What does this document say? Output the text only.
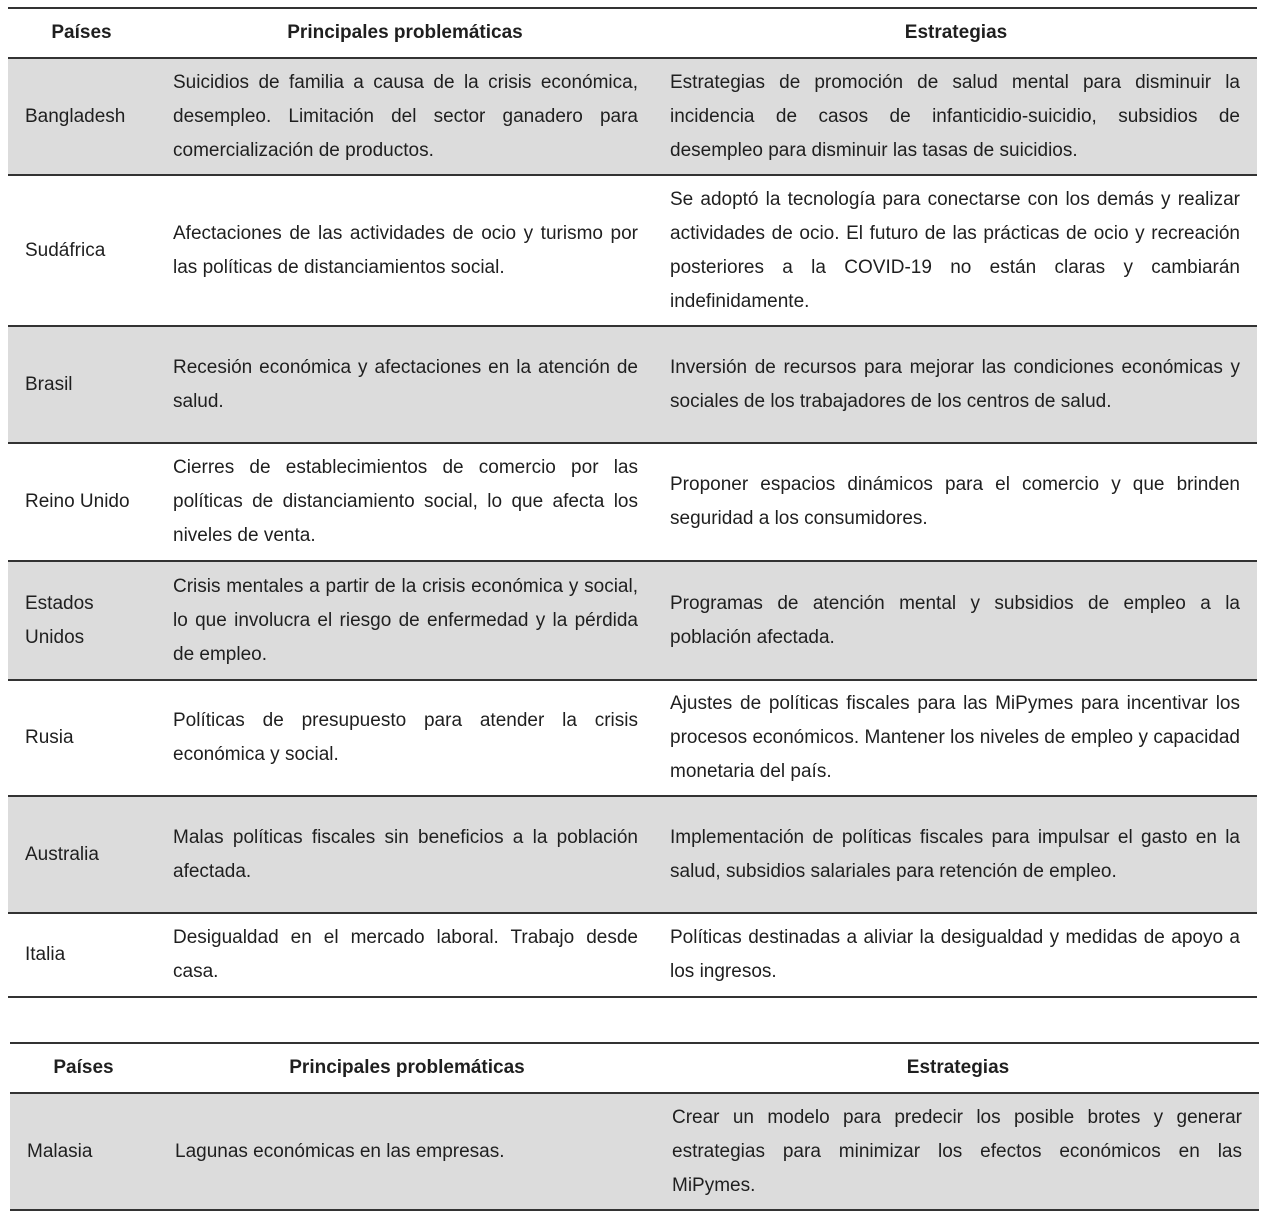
Países	Principales problemáticas	Estrategias
Bangladesh	Suicidios de familia a causa de la crisis económica, desempleo. Limitación del sector ganadero para comercialización de productos.	Estrategias de promoción de salud mental para disminuir la incidencia de casos de infanticidio-suicidio, subsidios de desempleo para disminuir las tasas de suicidios.
Sudáfrica	Afectaciones de las actividades de ocio y turismo por las políticas de distanciamientos social.	Se adoptó la tecnología para conectarse con los demás y realizar actividades de ocio. El futuro de las prácticas de ocio y recreación posteriores a la COVID-19 no están claras y cambiarán indefinidamente.
Brasil	Recesión económica y afectaciones en la atención de salud.	Inversión de recursos para mejorar las condiciones económicas y sociales de los trabajadores de los centros de salud.
Reino Unido	Cierres de establecimientos de comercio por las políticas de distanciamiento social, lo que afecta los niveles de venta.	Proponer espacios dinámicos para el comercio y que brinden seguridad a los consumidores.
Estados Unidos	Crisis mentales a partir de la crisis económica y social, lo que involucra el riesgo de enfermedad y la pérdida de empleo.	Programas de atención mental y subsidios de empleo a la población afectada.
Rusia	Políticas de presupuesto para atender la crisis económica y social.	Ajustes de políticas fiscales para las MiPymes para incentivar los procesos económicos. Mantener los niveles de empleo y capacidad monetaria del país.
Australia	Malas políticas fiscales sin beneficios a la población afectada.	Implementación de políticas fiscales para impulsar el gasto en la salud, subsidios salariales para retención de empleo.
Italia	Desigualdad en el mercado laboral. Trabajo desde casa.	Políticas destinadas a aliviar la desigualdad y medidas de apoyo a los ingresos.
Países	Principales problemáticas	Estrategias
Malasia	Lagunas económicas en las empresas.	Crear un modelo para predecir los posible brotes y generar estrategias para minimizar los efectos económicos en las MiPymes.
